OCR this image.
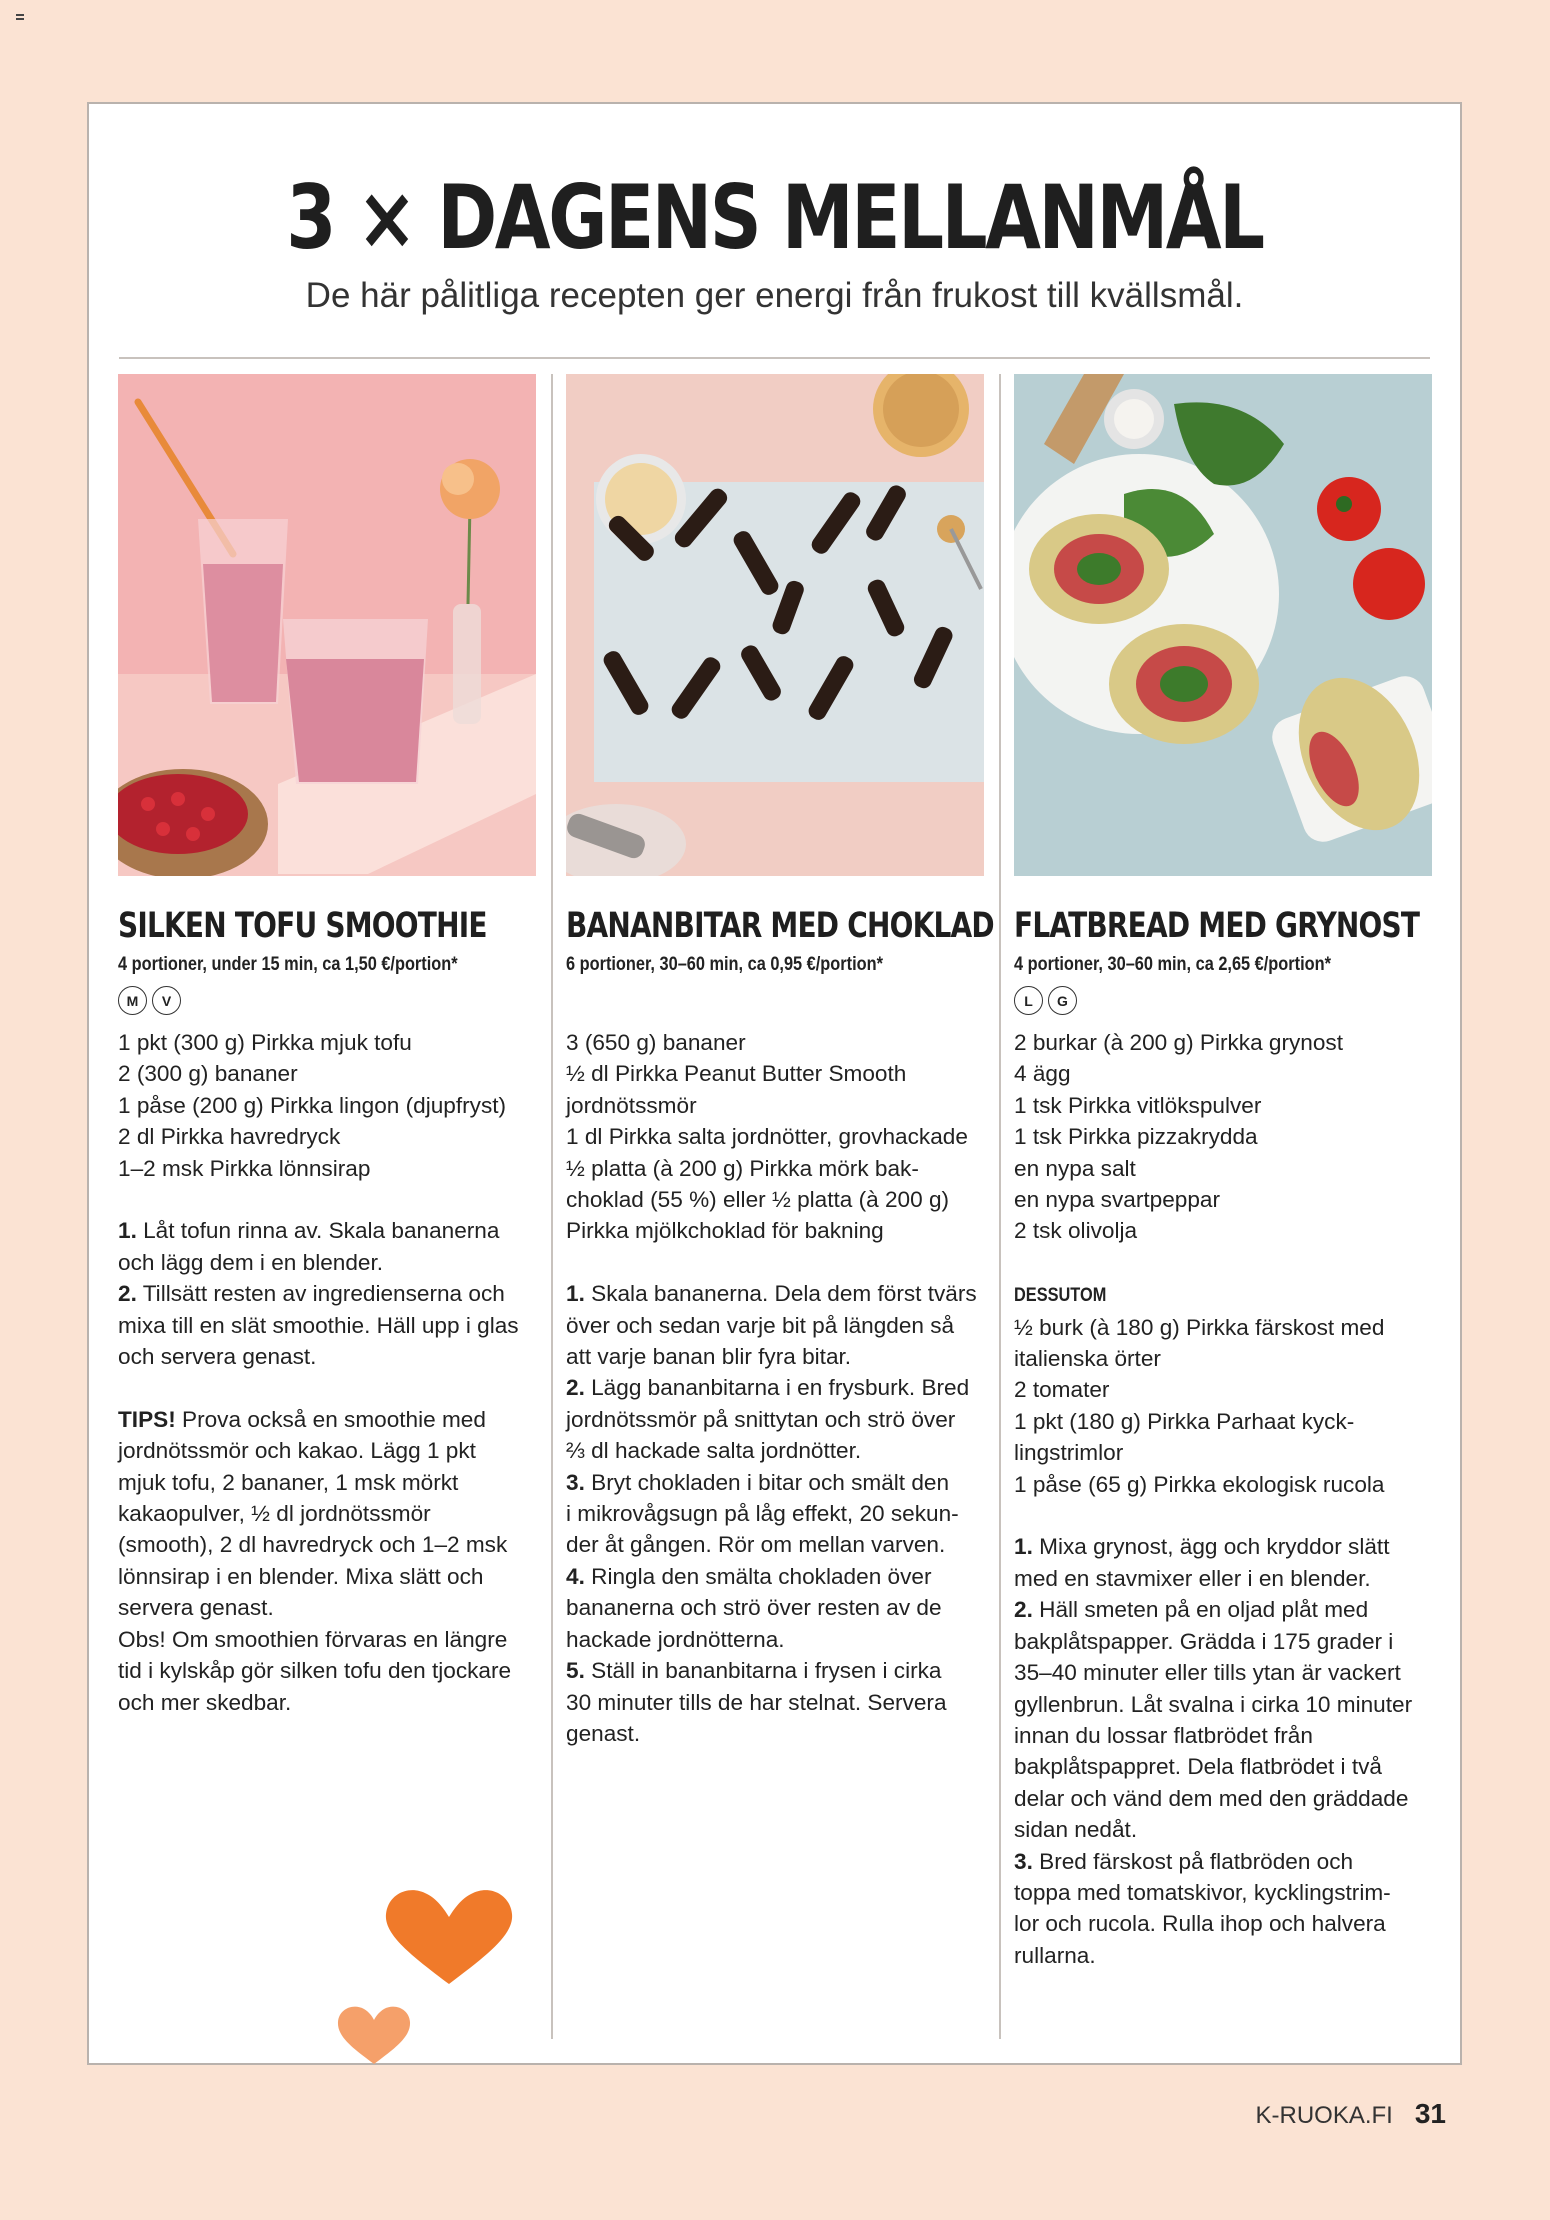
3 × DAGENS MELLANMÅL
De här pålitliga recepten ger energi från frukost till kvällsmål.
SILKEN TOFU SMOOTHIE
4 portioner, under 15 min, ca 1,50 €/portion*
M	V

1 pkt (300 g) Pirkka mjuk tofu

2 (300 g) bananer

1 påse (200 g) Pirkka lingon (djupfryst)

2 dl Pirkka havredryck

1–2 msk Pirkka lönnsirap

1. Låt tofun rinna av. Skala bananerna

och lägg dem i en blender.

2. Tillsätt resten av ingredienserna och

mixa till en slät smoothie. Häll upp i glas

och servera genast.

TIPS! Prova också en smoothie med

jordnötssmör och kakao. Lägg 1 pkt

mjuk tofu, 2 bananer, 1 msk mörkt

kakaopulver, ½ dl jordnötssmör

(smooth), 2 dl havredryck och 1–2 msk

lönnsirap i en blender. Mixa slätt och

servera genast.

Obs! Om smoothien förvaras en längre

tid i kylskåp gör silken tofu den tjockare

och mer skedbar.

BANANBITAR MED CHOKLAD
6 portioner, 30–60 min, ca 0,95 €/portion*

3 (650 g) bananer

½ dl Pirkka Peanut Butter Smooth

jordnötssmör

1 dl Pirkka salta jordnötter, grovhackade

½ platta (à 200 g) Pirkka mörk bak-

choklad (55 %) eller ½ platta (à 200 g)

Pirkka mjölkchoklad för bakning

1. Skala bananerna. Dela dem först tvärs

över och sedan varje bit på längden så

att varje banan blir fyra bitar.

2. Lägg bananbitarna i en frysburk. Bred

jordnötssmör på snittytan och strö över

⅔ dl hackade salta jordnötter.

3. Bryt chokladen i bitar och smält den

i mikrovågsugn på låg effekt, 20 sekun-

der åt gången. Rör om mellan varven.

4. Ringla den smälta chokladen över

bananerna och strö över resten av de

hackade jordnötterna.

5. Ställ in bananbitarna i frysen i cirka

30 minuter tills de har stelnat. Servera

genast.

FLATBREAD MED GRYNOST
4 portioner, 30–60 min, ca 2,65 €/portion*
L	G

2 burkar (à 200 g) Pirkka grynost

4 ägg

1 tsk Pirkka vitlökspulver

1 tsk Pirkka pizzakrydda

en nypa salt

en nypa svartpeppar

2 tsk olivolja

DESSUTOM

½ burk (à 180 g) Pirkka färskost med

italienska örter

2 tomater

1 pkt (180 g) Pirkka Parhaat kyck-

lingstrimlor

1 påse (65 g) Pirkka ekologisk rucola

1. Mixa grynost, ägg och kryddor slätt

med en stavmixer eller i en blender.

2. Häll smeten på en oljad plåt med

bakplåtspapper. Grädda i 175 grader i

35–40 minuter eller tills ytan är vackert

gyllenbrun. Låt svalna i cirka 10 minuter

innan du lossar flatbrödet från

bakplåtspappret. Dela flatbrödet i två

delar och vänd dem med den gräddade

sidan nedåt.

3. Bred färskost på flatbröden och

toppa med tomatskivor, kycklingstrim-

lor och rucola. Rulla ihop och halvera

rullarna.

K-RUOKA.FI 31
